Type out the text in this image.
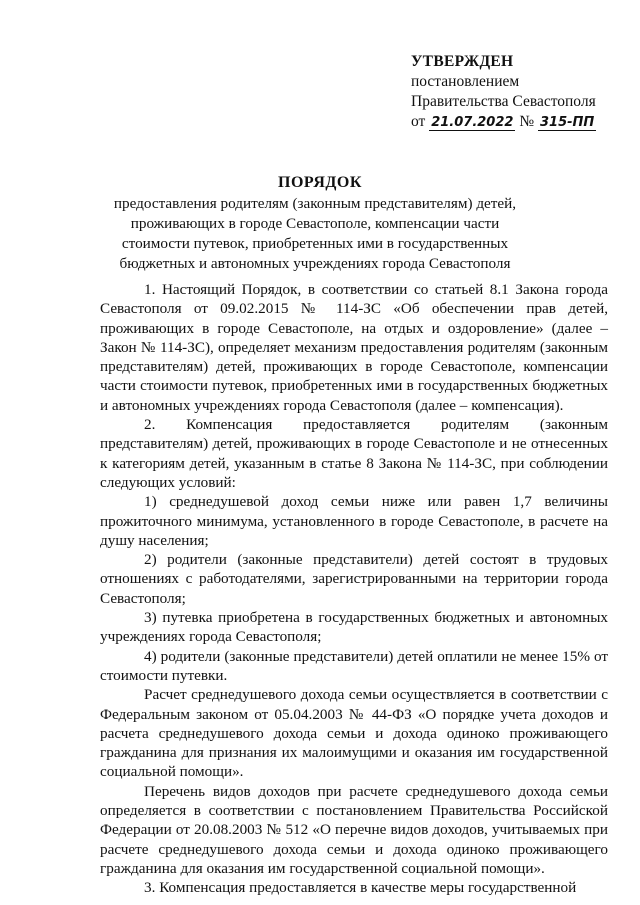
УТВЕРЖДЕН
постановлением
Правительства Севастополя
от 21.07.2022 № 315-ПП
ПОРЯДОК
предоставления родителям (законным представителям) детей, проживающих в городе Севастополе, компенсации части стоимости путевок, приобретенных ими в государственных бюджетных и автономных учреждениях города Севастополя

1. Настоящий Порядок, в соответствии со статьей 8.1 Закона города Севастополя от 09.02.2015 № 114-ЗС «Об обеспечении прав детей, проживающих в городе Севастополе, на отдых и оздоровление» (далее – Закон № 114-ЗС), определяет механизм предоставления родителям (законным представителям) детей, проживающих в городе Севастополе, компенсации части стоимости путевок, приобретенных ими в государственных бюджетных и автономных учреждениях города Севастополя (далее – компенсация).

2. Компенсация предоставляется родителям (законным представителям) детей, проживающих в городе Севастополе и не отнесенных к категориям детей, указанным в статье 8 Закона № 114-ЗС, при соблюдении следующих условий:

1) среднедушевой доход семьи ниже или равен 1,7 величины прожиточного минимума, установленного в городе Севастополе, в расчете на душу населения;

2) родители (законные представители) детей состоят в трудовых отношениях с работодателями, зарегистрированными на территории города Севастополя;

3) путевка приобретена в государственных бюджетных и автономных учреждениях города Севастополя;

4) родители (законные представители) детей оплатили не менее 15% от стоимости путевки.

Расчет среднедушевого дохода семьи осуществляется в соответствии с Федеральным законом от 05.04.2003 № 44-ФЗ «О порядке учета доходов и расчета среднедушевого дохода семьи и дохода одиноко проживающего гражданина для признания их малоимущими и оказания им государственной социальной помощи».

Перечень видов доходов при расчете среднедушевого дохода семьи определяется в соответствии с постановлением Правительства Российской Федерации от 20.08.2003 № 512 «О перечне видов доходов, учитываемых при расчете среднедушевого дохода семьи и дохода одиноко проживающего гражданина для оказания им государственной социальной помощи».

3. Компенсация предоставляется в качестве меры государственной
